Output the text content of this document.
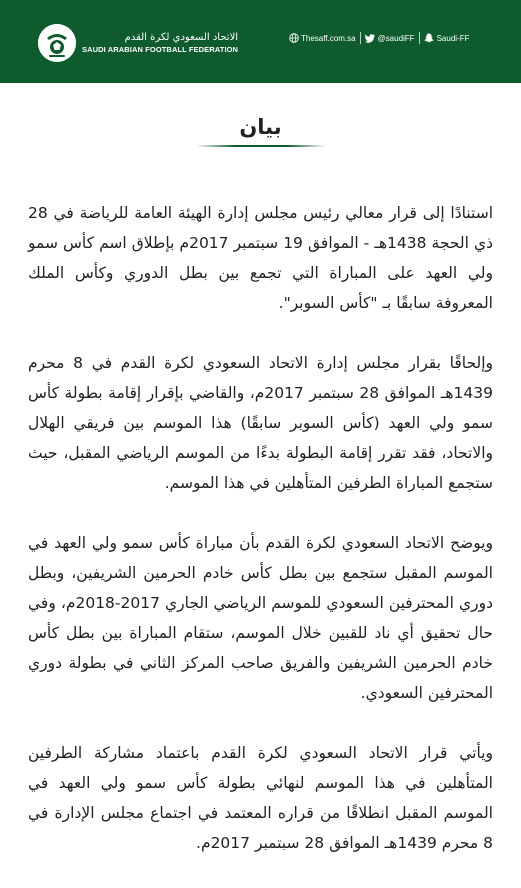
Thesaff.com.sa	@saudiFF	Saudi-FF
الاتحاد السعودي لكرة القدم
SAUDI ARABIAN FOOTBALL FEDERATION
بيان

استنادًا إلى قرار معالي رئيس مجلس إدارة الهيئة العامة للرياضة في 28 ذي الحجة 1438هـ - الموافق 19 سبتمبر 2017م بإطلاق اسم كأس سمو ولي العهد على المباراة التي تجمع بين بطل الدوري وكأس الملك المعروفة سابقًا بـ "كأس السوبر".

وإلحاقًا بقرار مجلس إدارة الاتحاد السعودي لكرة القدم في 8 محرم 1439هـ الموافق 28 سبتمبر 2017م، والقاضي بإقرار إقامة بطولة كأس سمو ولي العهد (كأس السوبر سابقًا) هذا الموسم بين فريقي الهلال والاتحاد، فقد تقرر إقامة البطولة بدءًا من الموسم الرياضي المقبل، حيث ستجمع المباراة الطرفين المتأهلين في هذا الموسم.

ويوضح الاتحاد السعودي لكرة القدم بأن مباراة كأس سمو ولي العهد في الموسم المقبل ستجمع بين بطل كأس خادم الحرمين الشريفين، وبطل دوري المحترفين السعودي للموسم الرياضي الجاري 2017-2018م، وفي حال تحقيق أي ناد للقبين خلال الموسم، ستقام المباراة بين بطل كأس خادم الحرمين الشريفين والفريق صاحب المركز الثاني في بطولة دوري المحترفين السعودي.

ويأتي قرار الاتحاد السعودي لكرة القدم باعتماد مشاركة الطرفين المتأهلين في هذا الموسم لنهائي بطولة كأس سمو ولي العهد في الموسم المقبل انطلاقًا من قراره المعتمد في اجتماع مجلس الإدارة في 8 محرم 1439هـ الموافق 28 سبتمبر 2017م.
